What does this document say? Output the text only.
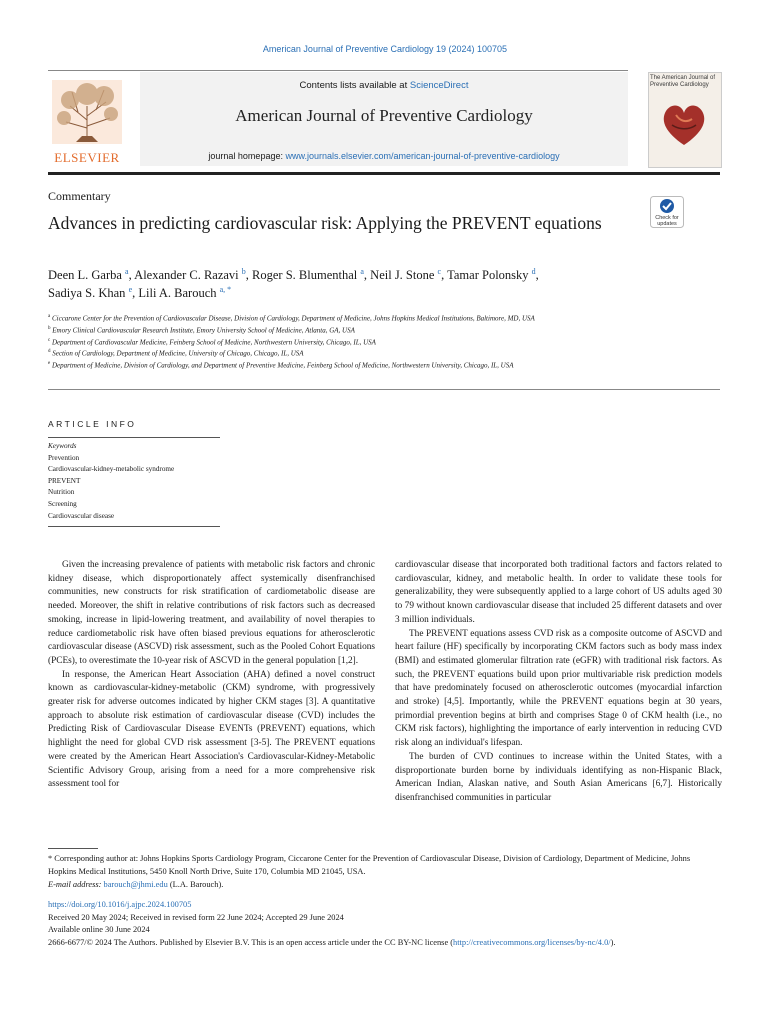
American Journal of Preventive Cardiology 19 (2024) 100705
ELSEVIER
Contents lists available at ScienceDirect
American Journal of Preventive Cardiology
journal homepage: www.journals.elsevier.com/american-journal-of-preventive-cardiology
The American Journal of Preventive Cardiology
Commentary
Advances in predicting cardiovascular risk: Applying the PREVENT equations	Check for
updates
Deen L. Garba $^a$, Alexander C. Razavi $^b$, Roger S. Blumenthal $^a$, Neil J. Stone $^c$, Tamar Polonsky $^d$,
Sadiya S. Khan $^e$, Lili A. Barouch $^{a, *}$
$^a$ Ciccarone Center for the Prevention of Cardiovascular Disease, Division of Cardiology, Department of Medicine, Johns Hopkins Medical Institutions, Baltimore, MD, USA
$^b$ Emory Clinical Cardiovascular Research Institute, Emory University School of Medicine, Atlanta, GA, USA
$^c$ Department of Cardiovascular Medicine, Feinberg School of Medicine, Northwestern University, Chicago, IL, USA
$^d$ Section of Cardiology, Department of Medicine, University of Chicago, Chicago, IL, USA
$^e$ Department of Medicine, Division of Cardiology, and Department of Preventive Medicine, Feinberg School of Medicine, Northwestern University, Chicago, IL, USA
ARTICLE INFO
Keywords
Prevention
Cardiovascular-kidney-metabolic syndrome
PREVENT
Nutrition
Screening
Cardiovascular disease

Given the increasing prevalence of patients with metabolic risk factors and chronic kidney disease, which disproportionately affect systemically disenfranchised communities, new constructs for risk stratification of cardiometabolic disease are needed. Moreover, the shift in relative contributions of risk factors such as decreased smoking, increase in lipid-lowering treatment, and availability of novel therapies to reduce cardiometabolic risk have often biased previous equations for atherosclerotic cardiovascular disease (ASCVD) risk assessment, such as the Pooled Cohort Equations (PCEs), to overestimate the 10-year risk of ASCVD in the general population [1,2].

In response, the American Heart Association (AHA) defined a novel construct known as cardiovascular-kidney-metabolic (CKM) syndrome, with progressively greater risk for adverse outcomes indicated by higher CKM stages [3]. A quantitative approach to absolute risk estimation of cardiovascular disease (CVD) includes the Predicting Risk of Cardiovascular Disease EVENTs (PREVENT) equations, which highlight the need for global CVD risk assessment [3-5]. The PREVENT equations were created by the American Heart Association's Cardiovascular-Kidney-Metabolic Scientific Advisory Group, arising from a need for a more comprehensive risk assessment tool for

cardiovascular disease that incorporated both traditional factors and factors related to cardiovascular, kidney, and metabolic health. In order to validate these tools for generalizability, they were subsequently applied to a large cohort of US adults aged 30 to 79 without known cardiovascular disease that included 25 different datasets and over 3 million individuals.

The PREVENT equations assess CVD risk as a composite outcome of ASCVD and heart failure (HF) specifically by incorporating CKM factors such as body mass index (BMI) and estimated glomerular filtration rate (eGFR) with traditional risk factors. As such, the PREVENT equations build upon prior multivariable risk prediction models that have predominately focused on atherosclerotic outcomes (myocardial infarction and stroke) [4,5]. Importantly, while the PREVENT equations begin at 30 years, primordial prevention begins at birth and comprises Stage 0 of CKM health (i.e., no CKM risk factors), highlighting the importance of early intervention in reducing CVD risk along an individual's lifespan.

The burden of CVD continues to increase within the United States, with a disproportionate burden borne by individuals identifying as non-Hispanic Black, American Indian, Alaskan native, and South Asian Americans [6,7]. Historically disenfranchised communities in particular

* Corresponding author at: Johns Hopkins Sports Cardiology Program, Ciccarone Center for the Prevention of Cardiovascular Disease, Division of Cardiology, Department of Medicine, Johns Hopkins Medical Institutions, 5450 Knoll North Drive, Suite 170, Columbia MD 21045, USA.
E-mail address: barouch@jhmi.edu (L.A. Barouch).
https://doi.org/10.1016/j.ajpc.2024.100705
Received 20 May 2024; Received in revised form 22 June 2024; Accepted 29 June 2024
Available online 30 June 2024
2666-6677/© 2024 The Authors. Published by Elsevier B.V. This is an open access article under the CC BY-NC license (http://creativecommons.org/licenses/by-nc/4.0/).
